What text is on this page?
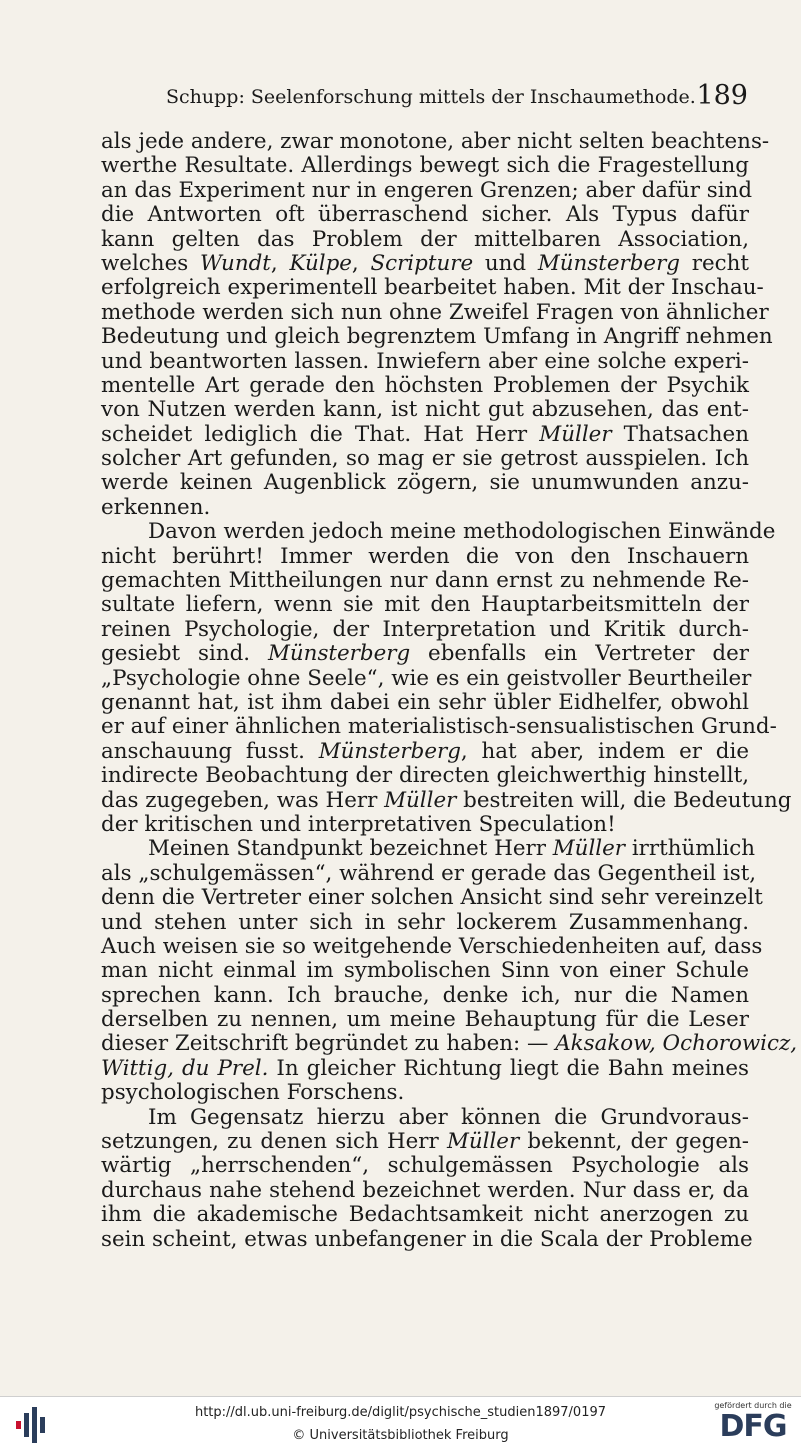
Schupp: Seelenforschung mittels der Inschaumethode. 189
als jede andere, zwar monotone, aber nicht selten beachtens-
werthe Resultate. Allerdings bewegt sich die Fragestellung
an das Experiment nur in engeren Grenzen; aber dafür sind
die Antworten oft überraschend sicher. Als Typus dafür
kann gelten das Problem der mittelbaren Association,
welches Wundt, Külpe, Scripture und Münsterberg recht
erfolgreich experimentell bearbeitet haben. Mit der Inschau-
methode werden sich nun ohne Zweifel Fragen von ähnlicher
Bedeutung und gleich begrenztem Umfang in Angriff nehmen
und beantworten lassen. Inwiefern aber eine solche experi-
mentelle Art gerade den höchsten Problemen der Psychik
von Nutzen werden kann, ist nicht gut abzusehen, das ent-
scheidet lediglich die That. Hat Herr Müller Thatsachen
solcher Art gefunden, so mag er sie getrost ausspielen. Ich
werde keinen Augenblick zögern, sie unumwunden anzu-
erkennen.
Davon werden jedoch meine methodologischen Einwände
nicht berührt! Immer werden die von den Inschauern
gemachten Mittheilungen nur dann ernst zu nehmende Re-
sultate liefern, wenn sie mit den Hauptarbeitsmitteln der
reinen Psychologie, der Interpretation und Kritik durch-
gesiebt sind. Münsterberg ebenfalls ein Vertreter der
„Psychologie ohne Seele“, wie es ein geistvoller Beurtheiler
genannt hat, ist ihm dabei ein sehr übler Eidhelfer, obwohl
er auf einer ähnlichen materialistisch-sensualistischen Grund-
anschauung fusst. Münsterberg, hat aber, indem er die
indirecte Beobachtung der directen gleichwerthig hinstellt,
das zugegeben, was Herr Müller bestreiten will, die Bedeutung
der kritischen und interpretativen Speculation!
Meinen Standpunkt bezeichnet Herr Müller irrthümlich
als „schulgemässen“, während er gerade das Gegentheil ist,
denn die Vertreter einer solchen Ansicht sind sehr vereinzelt
und stehen unter sich in sehr lockerem Zusammenhang.
Auch weisen sie so weitgehende Verschiedenheiten auf, dass
man nicht einmal im symbolischen Sinn von einer Schule
sprechen kann. Ich brauche, denke ich, nur die Namen
derselben zu nennen, um meine Behauptung für die Leser
dieser Zeitschrift begründet zu haben: — Aksakow, Ochorowicz,
Wittig, du Prel. In gleicher Richtung liegt die Bahn meines
psychologischen Forschens.
Im Gegensatz hierzu aber können die Grundvoraus-
setzungen, zu denen sich Herr Müller bekennt, der gegen-
wärtig „herrschenden“, schulgemässen Psychologie als
durchaus nahe stehend bezeichnet werden. Nur dass er, da
ihm die akademische Bedachtsamkeit nicht anerzogen zu
sein scheint, etwas unbefangener in die Scala der Probleme
http://dl.ub.uni-freiburg.de/diglit/psychische_studien1897/0197
© Universitätsbibliothek Freiburg
gefördert durch die
DFG
